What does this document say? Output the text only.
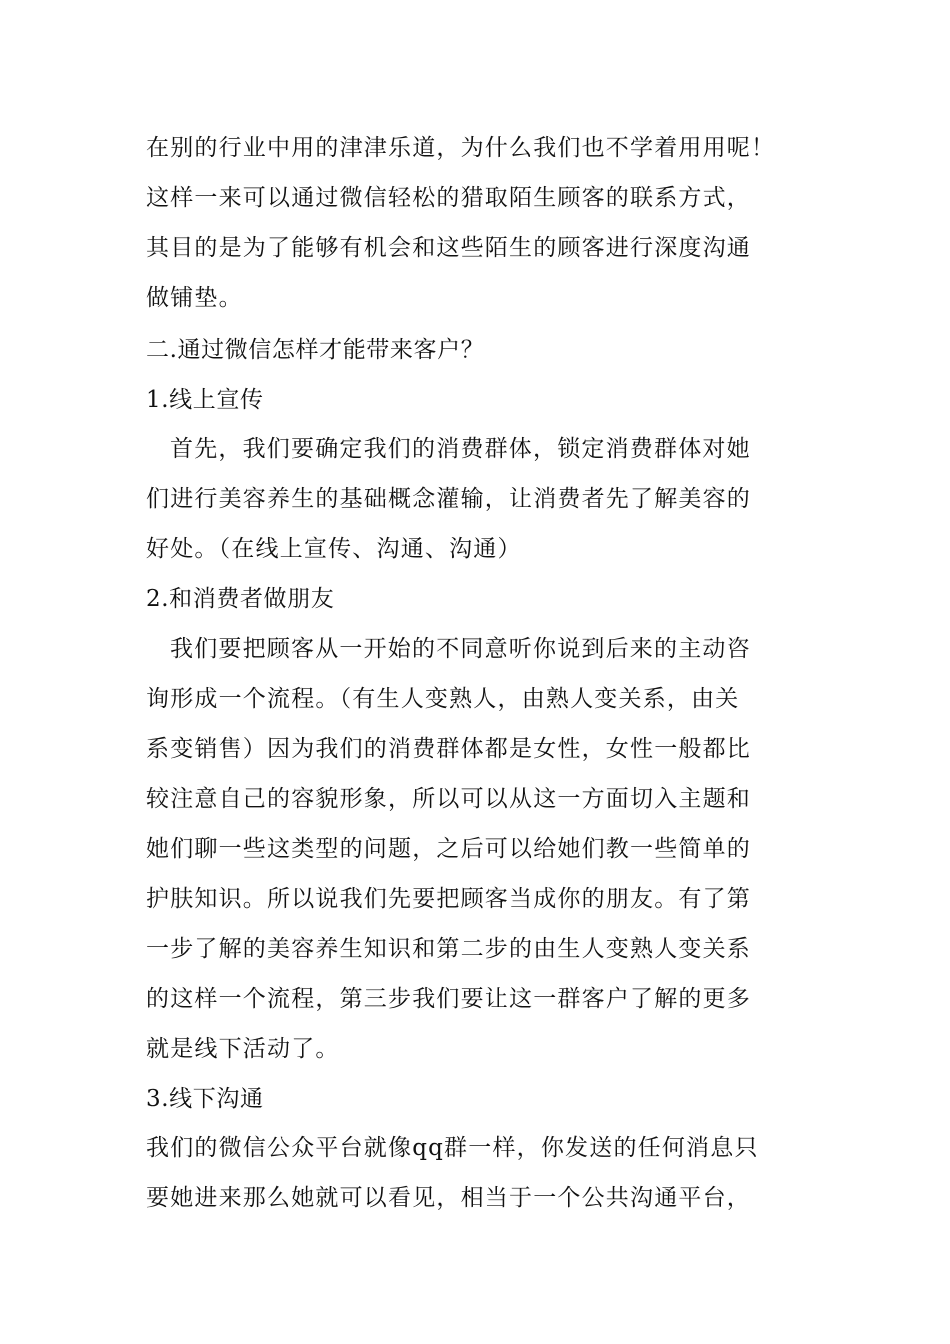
在别的行业中用的津津乐道，为什么我们也不学着用用呢！
这样一来可以通过微信轻松的猎取陌生顾客的联系方式，
其目的是为了能够有机会和这些陌生的顾客进行深度沟通
做铺垫。
二.通过微信怎样才能带来客户？
1.线上宣传
首先，我们要确定我们的消费群体，锁定消费群体对她
们进行美容养生的基础概念灌输，让消费者先了解美容的
好处。（在线上宣传、沟通、沟通）
2.和消费者做朋友
我们要把顾客从一开始的不同意听你说到后来的主动咨
询形成一个流程。（有生人变熟人，由熟人变关系，由关
系变销售）因为我们的消费群体都是女性，女性一般都比
较注意自己的容貌形象，所以可以从这一方面切入主题和
她们聊一些这类型的问题，之后可以给她们教一些简单的
护肤知识。所以说我们先要把顾客当成你的朋友。有了第
一步了解的美容养生知识和第二步的由生人变熟人变关系
的这样一个流程，第三步我们要让这一群客户了解的更多
就是线下活动了。
3.线下沟通
我们的微信公众平台就像qq群一样，你发送的任何消息只
要她进来那么她就可以看见，相当于一个公共沟通平台，
